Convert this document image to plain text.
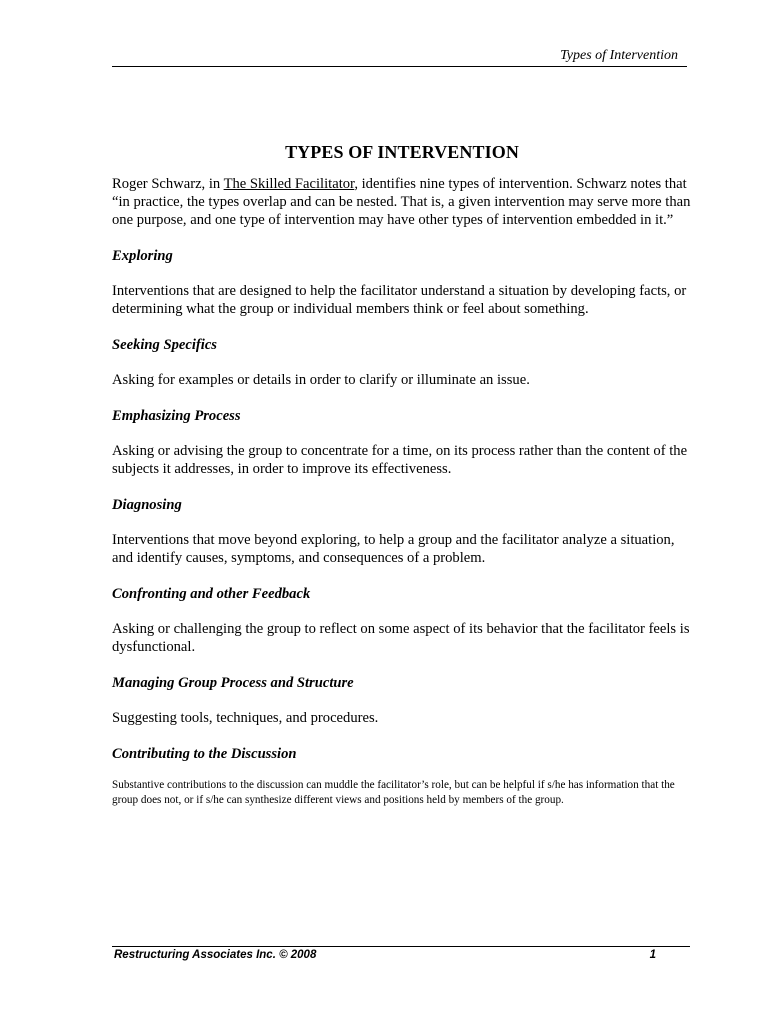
Types of Intervention
TYPES OF INTERVENTION

Roger Schwarz, in The Skilled Facilitator, identifies nine types of intervention. Schwarz notes that “in practice, the types overlap and can be nested. That is, a given intervention may serve more than one purpose, and one type of intervention may have other types of intervention embedded in it.”

Exploring

Interventions that are designed to help the facilitator understand a situation by developing facts, or determining what the group or individual members think or feel about something.

Seeking Specifics

Asking for examples or details in order to clarify or illuminate an issue.

Emphasizing Process

Asking or advising the group to concentrate for a time, on its process rather than the content of the subjects it addresses, in order to improve its effectiveness.

Diagnosing

Interventions that move beyond exploring, to help a group and the facilitator analyze a situation, and identify causes, symptoms, and consequences of a problem.

Confronting and other Feedback

Asking or challenging the group to reflect on some aspect of its behavior that the facilitator feels is dysfunctional.

Managing Group Process and Structure

Suggesting tools, techniques, and procedures.

Contributing to the Discussion

Substantive contributions to the discussion can muddle the facilitator’s role, but can be helpful if s/he has information that the group does not, or if s/he can synthesize different views and positions held by members of the group.

Restructuring Associates Inc. © 2008	1
